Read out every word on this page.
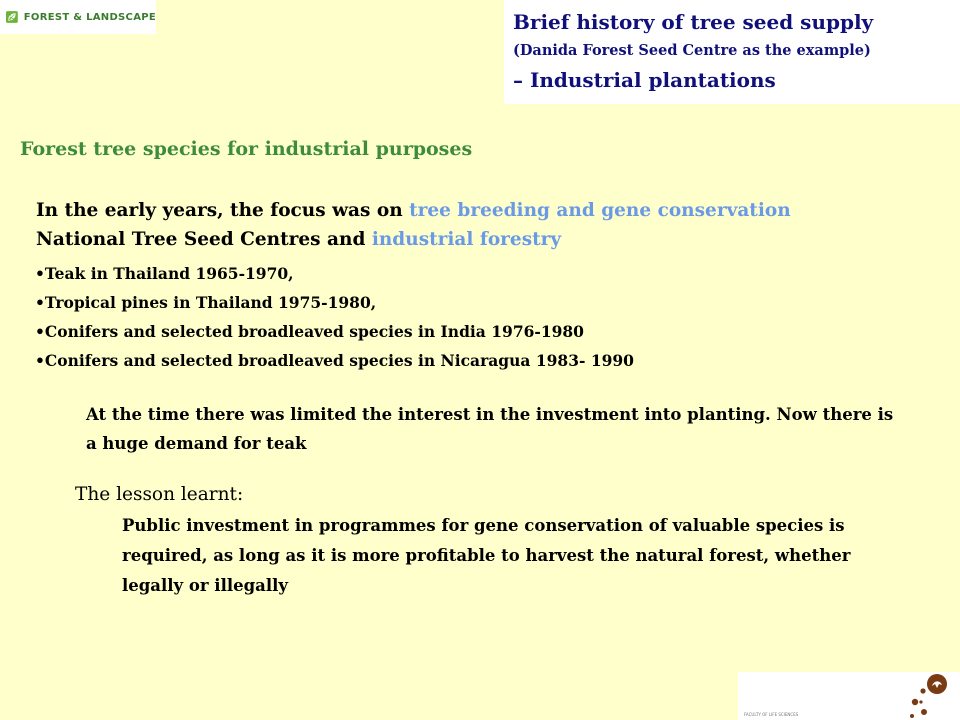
FOREST & LANDSCAPE	Brief history of tree seed supply
(Danida Forest Seed Centre as the example)
– Industrial plantations
Forest tree species for industrial purposes
In the early years, the focus was on tree breeding and gene conservation
National Tree Seed Centres and industrial forestry
• Teak in Thailand 1965-1970,
• Tropical pines in Thailand 1975-1980,
• Conifers and selected broadleaved species in India 1976-1980
• Conifers and selected broadleaved species in Nicaragua 1983- 1990
At the time there was limited the interest in the investment into planting. Now there is a huge demand for teak
The lesson learnt:
Public investment in programmes for gene conservation of valuable species is required, as long as it is more profitable to harvest the natural forest, whether legally or illegally
FACULTY OF LIFE SCIENCES
